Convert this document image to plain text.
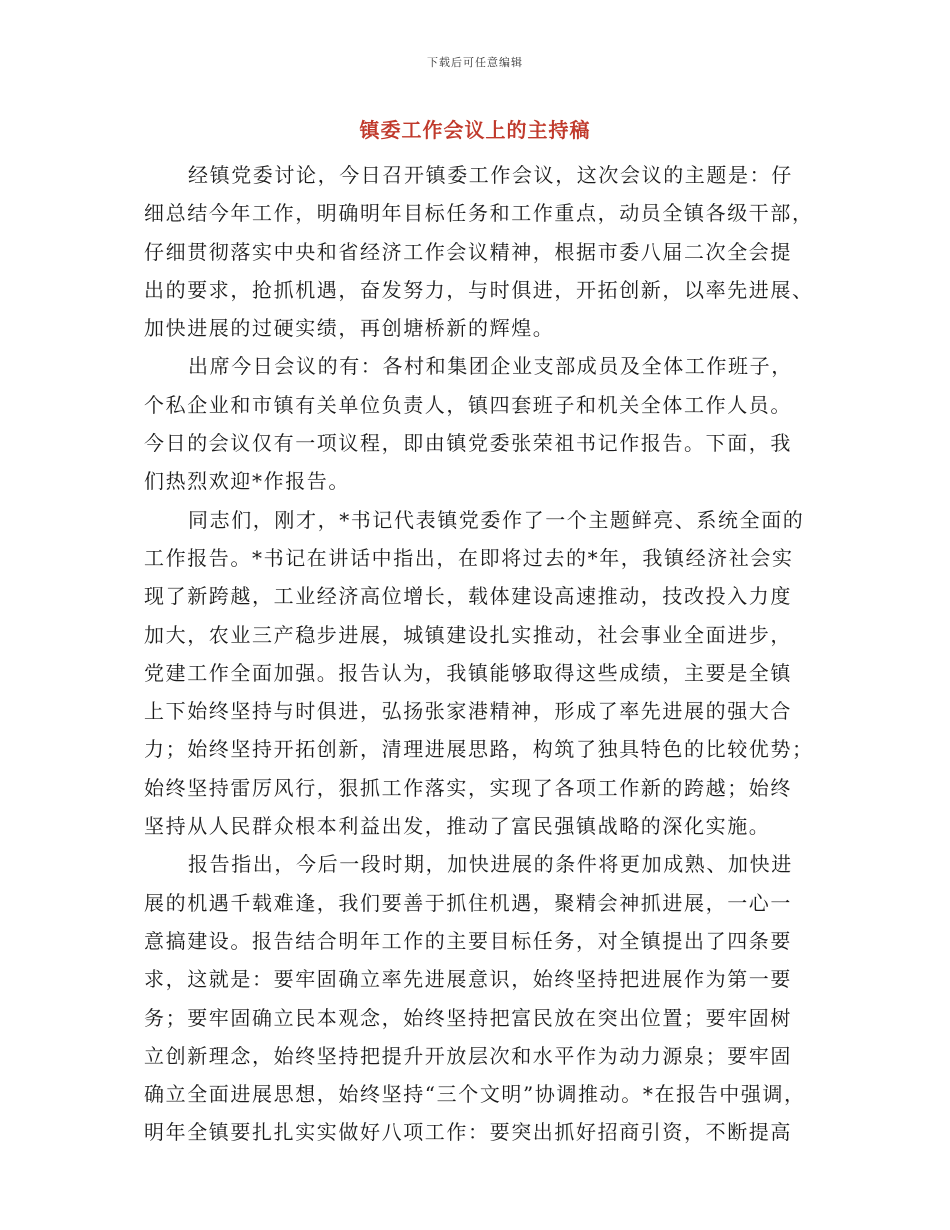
下载后可任意编辑
镇委工作会议上的主持稿

经镇党委讨论，今日召开镇委工作会议，这次会议的主题是：仔
细总结今年工作，明确明年目标任务和工作重点，动员全镇各级干部，
仔细贯彻落实中央和省经济工作会议精神，根据市委八届二次全会提
出的要求，抢抓机遇，奋发努力，与时俱进，开拓创新，以率先进展、
加快进展的过硬实绩，再创塘桥新的辉煌。

出席今日会议的有：各村和集团企业支部成员及全体工作班子，
个私企业和市镇有关单位负责人，镇四套班子和机关全体工作人员。
今日的会议仅有一项议程，即由镇党委张荣祖书记作报告。下面，我
们热烈欢迎*作报告。

同志们，刚才，*书记代表镇党委作了一个主题鲜亮、系统全面的
工作报告。*书记在讲话中指出，在即将过去的*年，我镇经济社会实
现了新跨越，工业经济高位增长，载体建设高速推动，技改投入力度
加大，农业三产稳步进展，城镇建设扎实推动，社会事业全面进步，
党建工作全面加强。报告认为，我镇能够取得这些成绩，主要是全镇
上下始终坚持与时俱进，弘扬张家港精神，形成了率先进展的强大合
力；始终坚持开拓创新，清理进展思路，构筑了独具特色的比较优势；
始终坚持雷厉风行，狠抓工作落实，实现了各项工作新的跨越；始终
坚持从人民群众根本利益出发，推动了富民强镇战略的深化实施。

报告指出，今后一段时期，加快进展的条件将更加成熟、加快进
展的机遇千载难逢，我们要善于抓住机遇，聚精会神抓进展，一心一
意搞建设。报告结合明年工作的主要目标任务，对全镇提出了四条要
求，这就是：要牢固确立率先进展意识，始终坚持把进展作为第一要
务；要牢固确立民本观念，始终坚持把富民放在突出位置；要牢固树
立创新理念，始终坚持把提升开放层次和水平作为动力源泉；要牢固
确立全面进展思想，始终坚持“三个文明”协调推动。*在报告中强调，
明年全镇要扎扎实实做好八项工作：要突出抓好招商引资，不断提高
